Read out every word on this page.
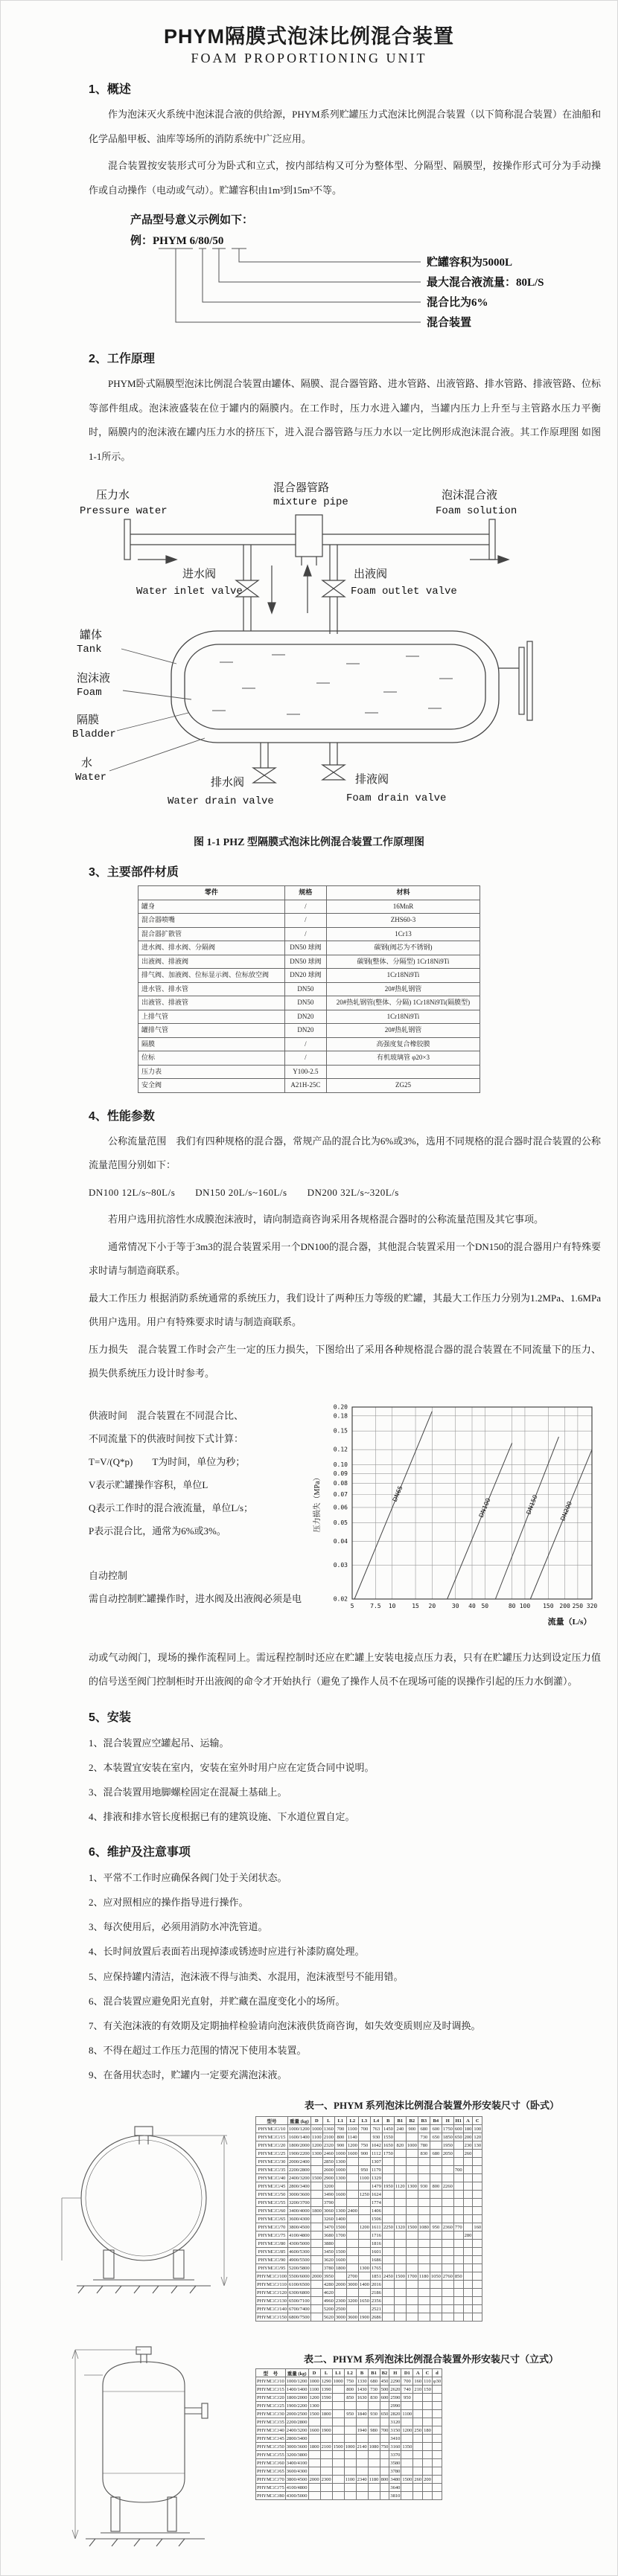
PHYM隔膜式泡沫比例混合装置
FOAM PROPORTIONING UNIT
1、概述

作为泡沫灭火系统中泡沫混合液的供给源，PHYM系列贮罐压力式泡沫比例混合装置（以下简称混合装置）在油船和化学品船甲板、油库等场所的消防系统中广泛应用。

混合装置按安装形式可分为卧式和立式，按内部结构又可分为整体型、分隔型、隔膜型，按操作形式可分为手动操作或自动操作（电动或气动）。贮罐容积由1m³到15m³不等。

产品型号意义示例如下：
例：PHYM 6/80/50
贮罐容积为5000L
最大混合液流量：80L/S
混合比为6%
混合装置
2、工作原理

PHYM卧式隔膜型泡沫比例混合装置由罐体、隔膜、混合器管路、进水管路、出液管路、排水管路、排液管路、位标等部件组成。泡沫液盛装在位于罐内的隔膜内。在工作时，压力水进入罐内，当罐内压力上升至与主管路水压力平衡时，隔膜内的泡沫液在罐内压力水的挤压下，进入混合器管路与压力水以一定比例形成泡沫混合液。其工作原理图 如图1-1所示。

压力水
Pressure water
混合器管路
mixture pipe
泡沫混合液
Foam solution
进水阀
Water inlet valve
出液阀
Foam outlet valve
罐体
Tank
泡沫液
Foam
隔膜
Bladder
水
Water	排水阀
Water drain valve
排液阀
Foam drain valve
图 1-1 PHZ 型隔膜式泡沫比例混合装置工作原理图
3、主要部件材质
零件	规格	材料
罐身	/	16MnR
混合器喷嘴	/	ZHS60-3
混合器扩散管	/	1Cr13
进水阀、排水阀、分隔阀	DN50 球阀	碳钢(阀芯为不锈钢)
出液阀、排液阀	DN50 球阀	碳钢(整体、分隔型) 1Cr18Ni9Ti
排气阀、加液阀、位标显示阀、位标放空阀	DN20 球阀	1Cr18Ni9Ti
进水管、排水管	DN50	20#热轧钢管
出液管、排液管	DN50	20#热轧钢管(整体、分隔) 1Cr18Ni9Ti(隔膜型)
上排气管	DN20	1Cr18Ni9Ti
罐排气管	DN20	20#热轧钢管
隔膜	/	高强度复合橡胶膜
位标	/	有机玻璃管 φ20×3
压力表	Y100-2.5	
安全阀	A21H-25C	ZG25
4、性能参数

公称流量范围　我们有四种规格的混合器，常规产品的混合比为6%或3%，选用不同规格的混合器时混合装置的公称流量范围分别如下：

DN100 12L/s~80L/s　　DN150 20L/s~160L/s　　DN200 32L/s~320L/s

若用户选用抗溶性水成膜泡沫液时，请向制造商咨询采用各规格混合器时的公称流量范围及其它事项。

通常情况下小于等于3m3的混合装置采用一个DN100的混合器，其他混合装置采用一个DN150的混合器用户有特殊要求时请与制造商联系。

最大工作压力 根据消防系统通常的系统压力，我们设计了两种压力等级的贮罐，其最大工作压力分别为1.2MPa、1.6MPa供用户选用。用户有特殊要求时请与制造商联系。

压力损失　混合装置工作时会产生一定的压力损失，下图给出了采用各种规格混合器的混合装置在不同流量下的压力、损失供系统压力设计时参考。

供液时间　混合装置在不同混合比、
不同流量下的供液时间按下式计算：
T=V/(Q*p)　　T为时间，单位为秒；
V表示贮罐操作容积，单位L
Q表示工作时的混合液流量，单位L/s；
P表示混合比，通常为6%或3%。
自动控制
需自动控制贮罐操作时，进水阀及出液阀必须是电	0.02
0.03
0.04
0.05
0.06
0.07
0.08
0.09
0.10
0.12
0.15
0.18
0.20
5	7.5 10	15 20	30 40 50	80 100 150 200 250 320
DN65
DN100	DN150	DN200
压力损失（MPa）
流量（L/s）

动或气动阀门，现场的操作流程同上。需远程控制时还应在贮罐上安装电接点压力表，只有在贮罐压力达到设定压力值的信号送至阀门控制柜时开出液阀的命令才开始执行（避免了操作人员不在现场可能的误操作引起的压力水倒灌）。

5、安装
1、混合装置应空罐起吊、运输。
2、本装置宜安装在室内，安装在室外时用户应在定货合同中说明。
3、混合装置用地脚螺栓固定在混凝土基础上。
4、排液和排水管长度根据已有的建筑设施、下水道位置自定。
6、维护及注意事项
1、平常不工作时应确保各阀门处于关闭状态。
2、应对照相应的操作指导进行操作。
3、每次使用后，必须用消防水冲洗管道。
4、长时间放置后表面若出现掉漆或锈迹时应进行补漆防腐处理。
5、应保持罐内清洁，泡沫液不得与油类、水混用，泡沫液型号不能用错。
6、混合装置应避免阳光直射，并贮藏在温度变化小的场所。
7、有关泡沫液的有效期及定期抽样检验请向泡沫液供货商咨询，如失效变质则应及时调换。
8、不得在超过工作压力范围的情况下使用本装置。
9、在备用状态时，贮罐内一定要充满泡沫液。
表一、PHYM 系列泡沫比例混合装置外形安装尺寸（卧式）
型号	重量 (kg)	D	L	L1	L2	L3	L4	B	B1	B2	B3	B4	H	H1	A	C
PHYM□/□/10	1000/1200	1000	1360	700	1100	700	763	1450	240	900	680	600	1750	600	180	100
PHYM□/□/15	1600/1400	1100	2100	800	1140		930	1550			730	650	1850	650	200	120
PHYM□/□/20	1800/2000	1200	2320	900	1200	750	1042	1650	820	1000	780		1950		230	130
PHYM□/□/25	1900/2200	1300	2460	1000	1600	900	1112	1750			830	680	2050		260	
PHYM□/□/30	2000/2400		2850	1300			1307									
PHYM□/□/35	2200/2800		2600	1000		950	1179							700		
PHYM□/□/40	2400/3200	1500	2900	1300		1100	1329									
PHYM□/□/45	2800/3400		3200				1479	1950	1120	1300	930	800	2260			
PHYM□/□/50	3000/3600		3490	1600		1250	1624									
PHYM□/□/55	3200/3700		3790				1774									
PHYM□/□/60	3400/4000	1800	3060	1300	2400		1406									
PHYM□/□/65	3600/4300		3260	1400			1506									
PHYM□/□/70	3800/4500		3470	1500		1200	1611	2250	1320	1500	1080	950	2360	770		160
PHYM□/□/75	4100/4800		3680	1700			1716								280	
PHYM□/□/80	4300/5000		3880				1816									
PHYM□/□/85	4600/5300		3450	1500			1601									
PHYM□/□/90	4900/5500		3620	1600			1686									
PHYM□/□/95	5200/5800		3780	1800		1300	1765									
PHYM□/□/100	5500/6000	2000	3950		2700		1851	2450	1500	1700	1180	1050	2760	850		
PHYM□/□/110	6100/6500		4280	2000	3000	1400	2016									
PHYM□/□/120	6300/6800		4620				2186									
PHYM□/□/130	6500/7100		4960	2300	3200	1650	2356									
PHYM□/□/140	6700/7400		5200	2500			2521									
PHYM□/□/150	6800/7500		5620	3000	3600	1900	2686									
表二、PHYM 系列泡沫比例混合装置外形安装尺寸（立式）
型　号	重量 (kg)	D	L	L1	L2	B	B1	B2	H	D1	A	C	d
PHYM□/□/10	1000/1200	1000	1290	1000	750	1330	680	450	2290	700	160	110	φ30
PHYM□/□/15	1400/1400	1100	1390		800	1430	730	500	2620	740	210	150	
PHYM□/□/20	1800/2000	1200	1590		850	1630	830	600	2590	950			
PHYM□/□/25	1900/2200	1300							2990				
PHYM□/□/30	2000/2500	1500	1800		950	1840	930	650	2820	1100			
PHYM□/□/35	2200/2800								3120				
PHYM□/□/40	2400/3200	1600	1900			1940	980	700	3150	1200	250	180	
PHYM□/□/45	2800/3400								3410				
PHYM□/□/50	3000/3600	1800	2100	1500	1000	2140	1080	750	3160	1350			
PHYM□/□/55	3200/3800								3370				
PHYM□/□/60	3400/4100								3580				
PHYM□/□/65	3600/4300								3780				
PHYM□/□/70	3800/4500	2000	2300		1100	2340	1180	800	3480	1500	260	200	
PHYM□/□/75	4100/4800								3640				
PHYM□/□/80	4300/5000								3810				
